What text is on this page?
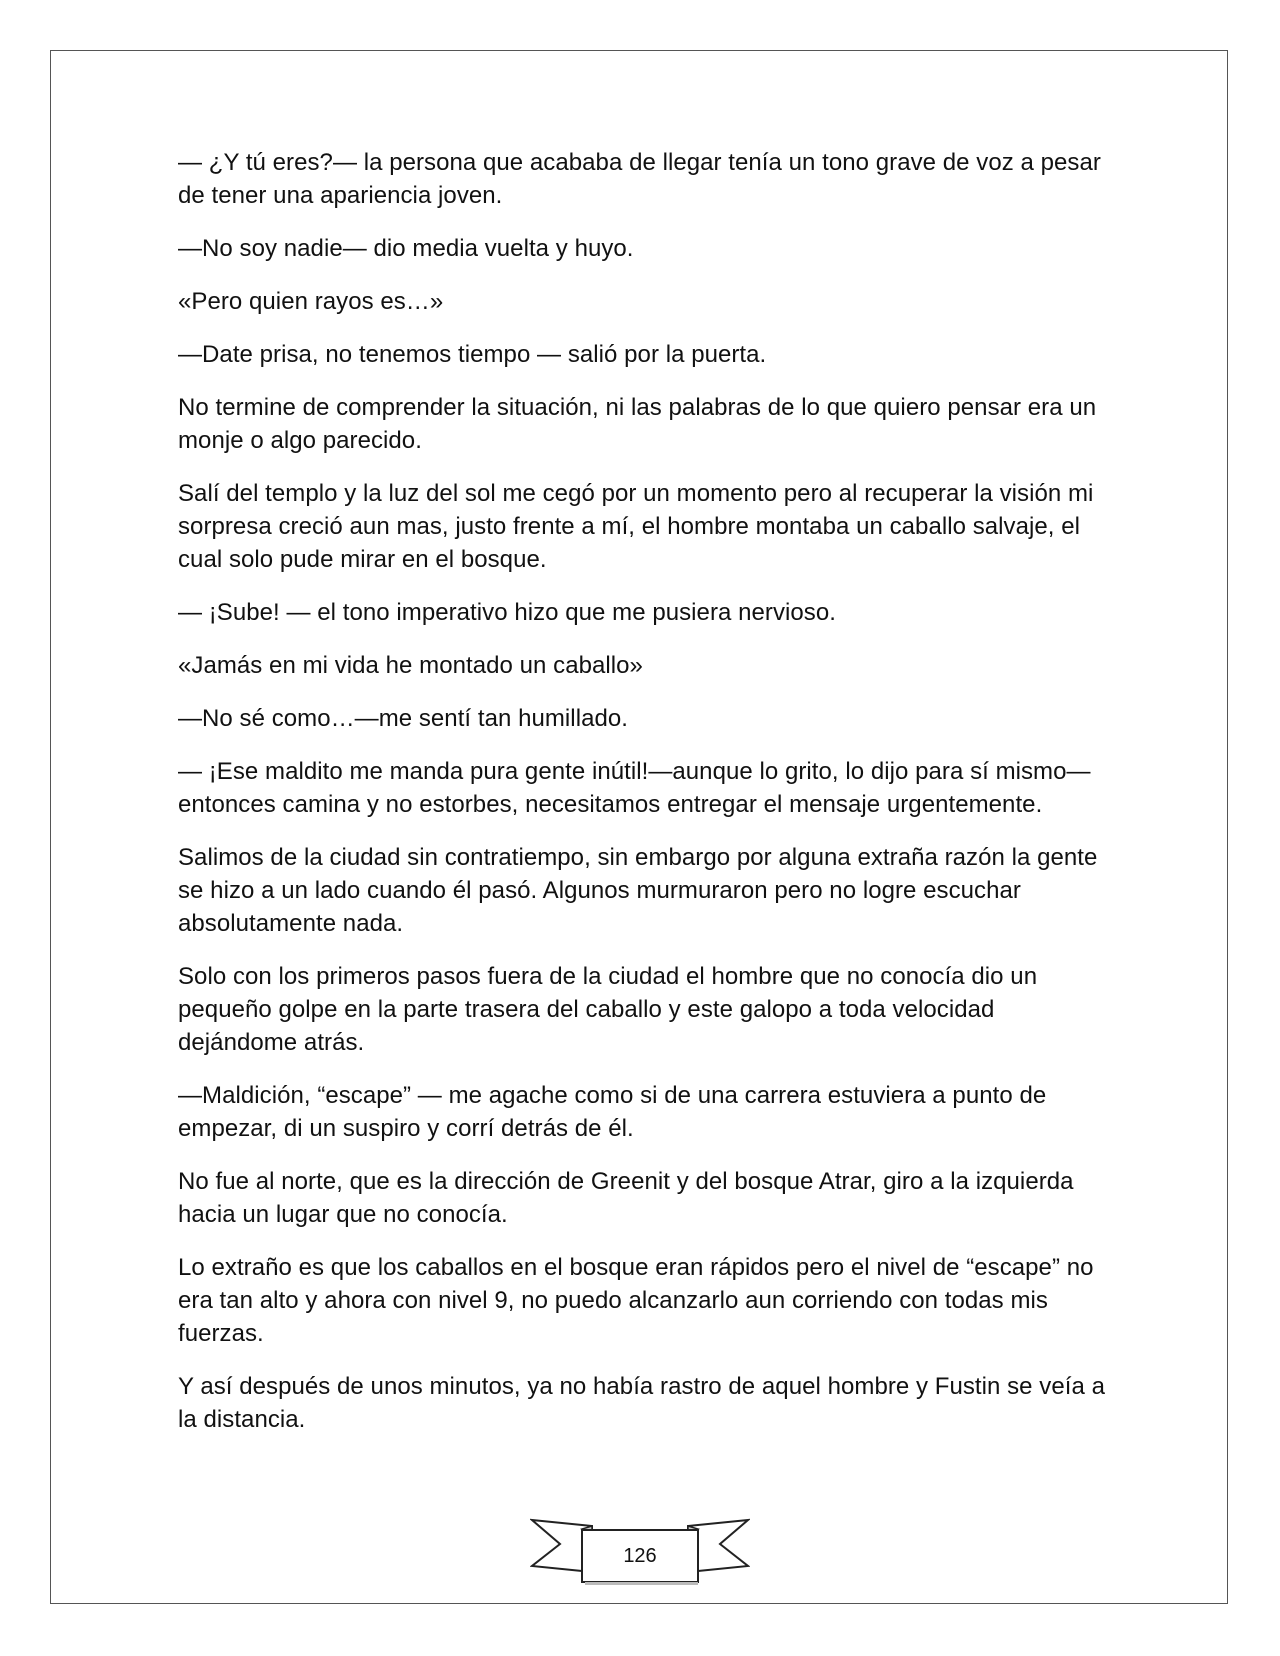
— ¿Y tú eres?— la persona que acababa de llegar tenía un tono grave de voz a pesar de tener una apariencia joven.

—No soy nadie— dio media vuelta y huyo.

«Pero quien rayos es…»

—Date prisa, no tenemos tiempo — salió por la puerta.

No termine de comprender la situación, ni las palabras de lo que quiero pensar era un monje o algo parecido.

Salí del templo y la luz del sol me cegó por un momento pero al recuperar la visión mi sorpresa creció aun mas, justo frente a mí, el hombre montaba un caballo salvaje, el cual solo pude mirar en el bosque.

— ¡Sube! — el tono imperativo hizo que me pusiera nervioso.

«Jamás en mi vida he montado un caballo»

—No sé como…—me sentí tan humillado.

— ¡Ese maldito me manda pura gente inútil!—aunque lo grito, lo dijo para sí mismo— entonces camina y no estorbes, necesitamos entregar el mensaje urgentemente.

Salimos de la ciudad sin contratiempo, sin embargo por alguna extraña razón la gente se hizo a un lado cuando él pasó. Algunos murmuraron pero no logre escuchar absolutamente nada.

Solo con los primeros pasos fuera de la ciudad el hombre que no conocía dio un pequeño golpe en la parte trasera del caballo y este galopo a toda velocidad dejándome atrás.

—Maldición, “escape” — me agache como si de una carrera estuviera a punto de empezar, di un suspiro y corrí detrás de él.

No fue al norte, que es la dirección de Greenit y del bosque Atrar, giro a la izquierda hacia un lugar que no conocía.

Lo extraño es que los caballos en el bosque eran rápidos pero el nivel de “escape” no era tan alto y ahora con nivel 9, no puedo alcanzarlo aun corriendo con todas mis fuerzas.

Y así después de unos minutos, ya no había rastro de aquel hombre y Fustin se veía a la distancia.

126
